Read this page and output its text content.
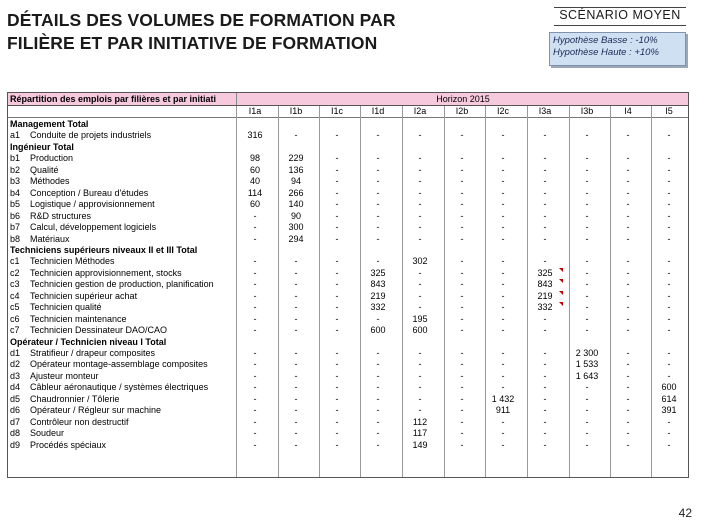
DÉTAILS DES VOLUMES DE FORMATION PAR
FILIÈRE ET PAR INITIATIVE DE FORMATION
SCÉNARIO MOYEN
Hypothèse Basse : -10%
Hypothèse Haute : +10%
Répartition des emplois par filières et par initiati	Horizon 2015
I1a	I1b	I1c	I1d	I2a	I2b	I2c	I3a	I3b	I4	I5
Management Total
a1	Conduite de projets industriels	316	-	-	-	-	-	-	-	-	-	-
Ingénieur Total
b1	Production	98	229	-	-	-	-	-	-	-	-	-
b2	Qualité	60	136	-	-	-	-	-	-	-	-	-
b3	Méthodes	40	94	-	-	-	-	-	-	-	-	-
b4	Conception / Bureau d'études	114	266	-	-	-	-	-	-	-	-	-
b5	Logistique / approvisionnement	60	140	-	-	-	-	-	-	-	-	-
b6	R&D structures	-	90	-	-	-	-	-	-	-	-	-
b7	Calcul, développement logiciels	-	300	-	-	-	-	-	-	-	-	-
b8	Matériaux	-	294	-	-	-	-	-	-	-	-	-
Techniciens supérieurs niveaux II et III Total
c1	Technicien Méthodes	-	-	-	-	302	-	-	-	-	-	-
c2	Technicien approvisionnement, stocks	-	-	-	325	-	-	-	325	-	-	-
c3	Technicien gestion de production, planification	-	-	-	843	-	-	-	843	-	-	-
c4	Technicien supérieur achat	-	-	-	219	-	-	-	219	-	-	-
c5	Technicien qualité	-	-	-	332	-	-	-	332	-	-	-
c6	Technicien maintenance	-	-	-	-	195	-	-	-	-	-	-
c7	Technicien Dessinateur DAO/CAO	-	-	-	600	600	-	-	-	-	-	-
Opérateur / Technicien niveau I Total
d1	Stratifieur / drapeur composites	-	-	-	-	-	-	-	-	2 300	-	-
d2	Opérateur montage-assemblage composites	-	-	-	-	-	-	-	-	1 533	-	-
d3	Ajusteur monteur	-	-	-	-	-	-	-	-	1 643	-	-
d4	Câbleur aéronautique / systèmes électriques	-	-	-	-	-	-	-	-	-	-	600
d5	Chaudronnier / Tôlerie	-	-	-	-	-	-	1 432	-	-	-	614
d6	Opérateur / Régleur sur machine	-	-	-	-	-	-	911	-	-	-	391
d7	Contrôleur non destructif	-	-	-	-	112	-	-	-	-	-	-
d8	Soudeur	-	-	-	-	117	-	-	-	-	-	-
d9	Procédés spéciaux	-	-	-	-	149	-	-	-	-	-	-
42
